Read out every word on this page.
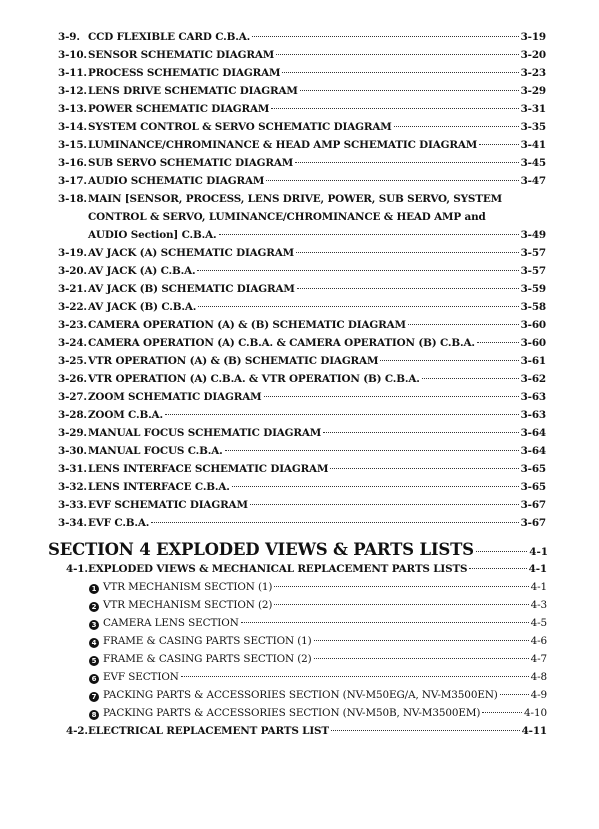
3-9. CCD FLEXIBLE CARD C.B.A.	3-19
3-10. SENSOR SCHEMATIC DIAGRAM	3-20
3-11. PROCESS SCHEMATIC DIAGRAM	3-23
3-12. LENS DRIVE SCHEMATIC DIAGRAM	3-29
3-13. POWER SCHEMATIC DIAGRAM	3-31
3-14. SYSTEM CONTROL & SERVO SCHEMATIC DIAGRAM	3-35
3-15. LUMINANCE/CHROMINANCE & HEAD AMP SCHEMATIC DIAGRAM	3-41
3-16. SUB SERVO SCHEMATIC DIAGRAM	3-45
3-17. AUDIO SCHEMATIC DIAGRAM	3-47
3-18. MAIN [SENSOR, PROCESS, LENS DRIVE, POWER, SUB SERVO, SYSTEM
CONTROL & SERVO, LUMINANCE/CHROMINANCE & HEAD AMP and
AUDIO Section] C.B.A.	3-49
3-19. AV JACK (A) SCHEMATIC DIAGRAM	3-57
3-20. AV JACK (A) C.B.A.	3-57
3-21. AV JACK (B) SCHEMATIC DIAGRAM	3-59
3-22. AV JACK (B) C.B.A.	3-58
3-23. CAMERA OPERATION (A) & (B) SCHEMATIC DIAGRAM	3-60
3-24. CAMERA OPERATION (A) C.B.A. & CAMERA OPERATION (B) C.B.A.	3-60
3-25. VTR OPERATION (A) & (B) SCHEMATIC DIAGRAM	3-61
3-26. VTR OPERATION (A) C.B.A. & VTR OPERATION (B) C.B.A.	3-62
3-27. ZOOM SCHEMATIC DIAGRAM	3-63
3-28. ZOOM C.B.A.	3-63
3-29. MANUAL FOCUS SCHEMATIC DIAGRAM	3-64
3-30. MANUAL FOCUS C.B.A.	3-64
3-31. LENS INTERFACE SCHEMATIC DIAGRAM	3-65
3-32. LENS INTERFACE C.B.A.	3-65
3-33. EVF SCHEMATIC DIAGRAM	3-67
3-34. EVF C.B.A.	3-67
SECTION 4 EXPLODED VIEWS & PARTS LISTS	4-1
4-1. EXPLODED VIEWS & MECHANICAL REPLACEMENT PARTS LISTS	4-1
1 VTR MECHANISM SECTION (1)	4-1
2 VTR MECHANISM SECTION (2)	4-3
3 CAMERA LENS SECTION	4-5
4 FRAME & CASING PARTS SECTION (1)	4-6
5 FRAME & CASING PARTS SECTION (2)	4-7
6 EVF SECTION	4-8
7 PACKING PARTS & ACCESSORIES SECTION (NV-M50EG/A, NV-M3500EN)	4-9
8 PACKING PARTS & ACCESSORIES SECTION (NV-M50B, NV-M3500EM)	4-10
4-2. ELECTRICAL REPLACEMENT PARTS LIST	4-11
